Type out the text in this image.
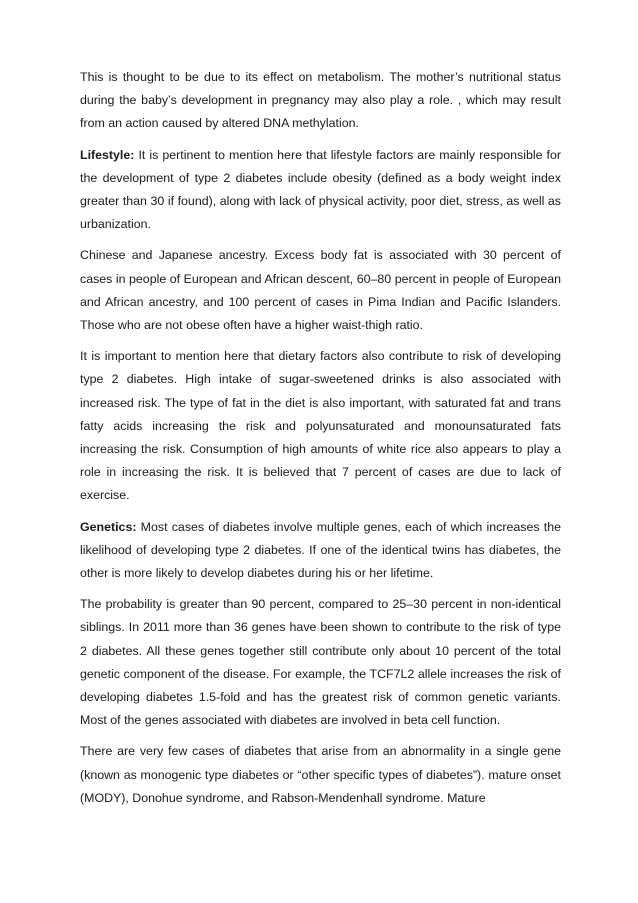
This is thought to be due to its effect on metabolism. The mother’s nutritional status during the baby’s development in pregnancy may also play a role. , which may result from an action caused by altered DNA methylation.

Lifestyle: It is pertinent to mention here that lifestyle factors are mainly responsible for the development of type 2 diabetes include obesity (defined as a body weight index greater than 30 if found), along with lack of physical activity, poor diet, stress, as well as urbanization.

Chinese and Japanese ancestry. Excess body fat is associated with 30 percent of cases in people of European and African descent, 60–80 percent in people of European and African ancestry, and 100 percent of cases in Pima Indian and Pacific Islanders. Those who are not obese often have a higher waist-thigh ratio.

It is important to mention here that dietary factors also contribute to risk of developing type 2 diabetes. High intake of sugar-sweetened drinks is also associated with increased risk. The type of fat in the diet is also important, with saturated fat and trans fatty acids increasing the risk and polyunsaturated and monounsaturated fats increasing the risk. Consumption of high amounts of white rice also appears to play a role in increasing the risk. It is believed that 7 percent of cases are due to lack of exercise.

Genetics: Most cases of diabetes involve multiple genes, each of which increases the likelihood of developing type 2 diabetes. If one of the identical twins has diabetes, the other is more likely to develop diabetes during his or her lifetime.

The probability is greater than 90 percent, compared to 25–30 percent in non-identical siblings. In 2011 more than 36 genes have been shown to contribute to the risk of type 2 diabetes. All these genes together still contribute only about 10 percent of the total genetic component of the disease. For example, the TCF7L2 allele increases the risk of developing diabetes 1.5-fold and has the greatest risk of common genetic variants. Most of the genes associated with diabetes are involved in beta cell function.

There are very few cases of diabetes that arise from an abnormality in a single gene (known as monogenic type diabetes or “other specific types of diabetes”). mature onset (MODY), Donohue syndrome, and Rabson-Mendenhall syndrome. Mature
